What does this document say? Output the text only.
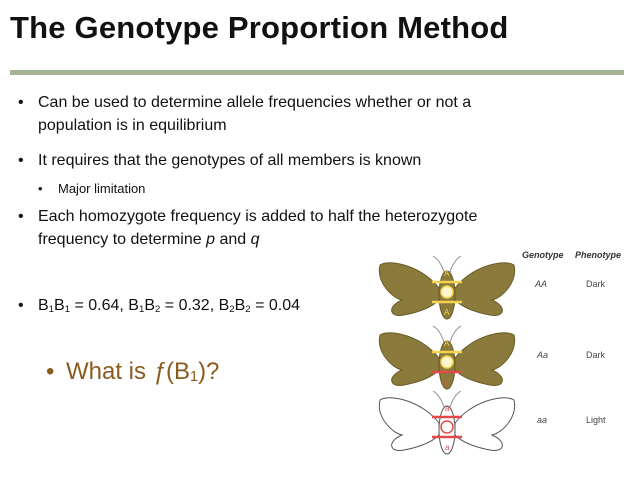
The Genotype Proportion Method
• Can be used to determine allele frequencies whether or not a
population is in equilibrium
• It requires that the genotypes of all members is known
• Major limitation
• Each homozygote frequency is added to half the heterozygote
frequency to determine p and q
• $B_1B_1 = 0.64$, $B_1B_2 = 0.32$, $B_2B_2 = 0.04$
• What is $ƒ(B_1)$?
Genotype Phenotype
AA	Dark
Aa	Dark
aa	Light
A
A
A
a
a
a
